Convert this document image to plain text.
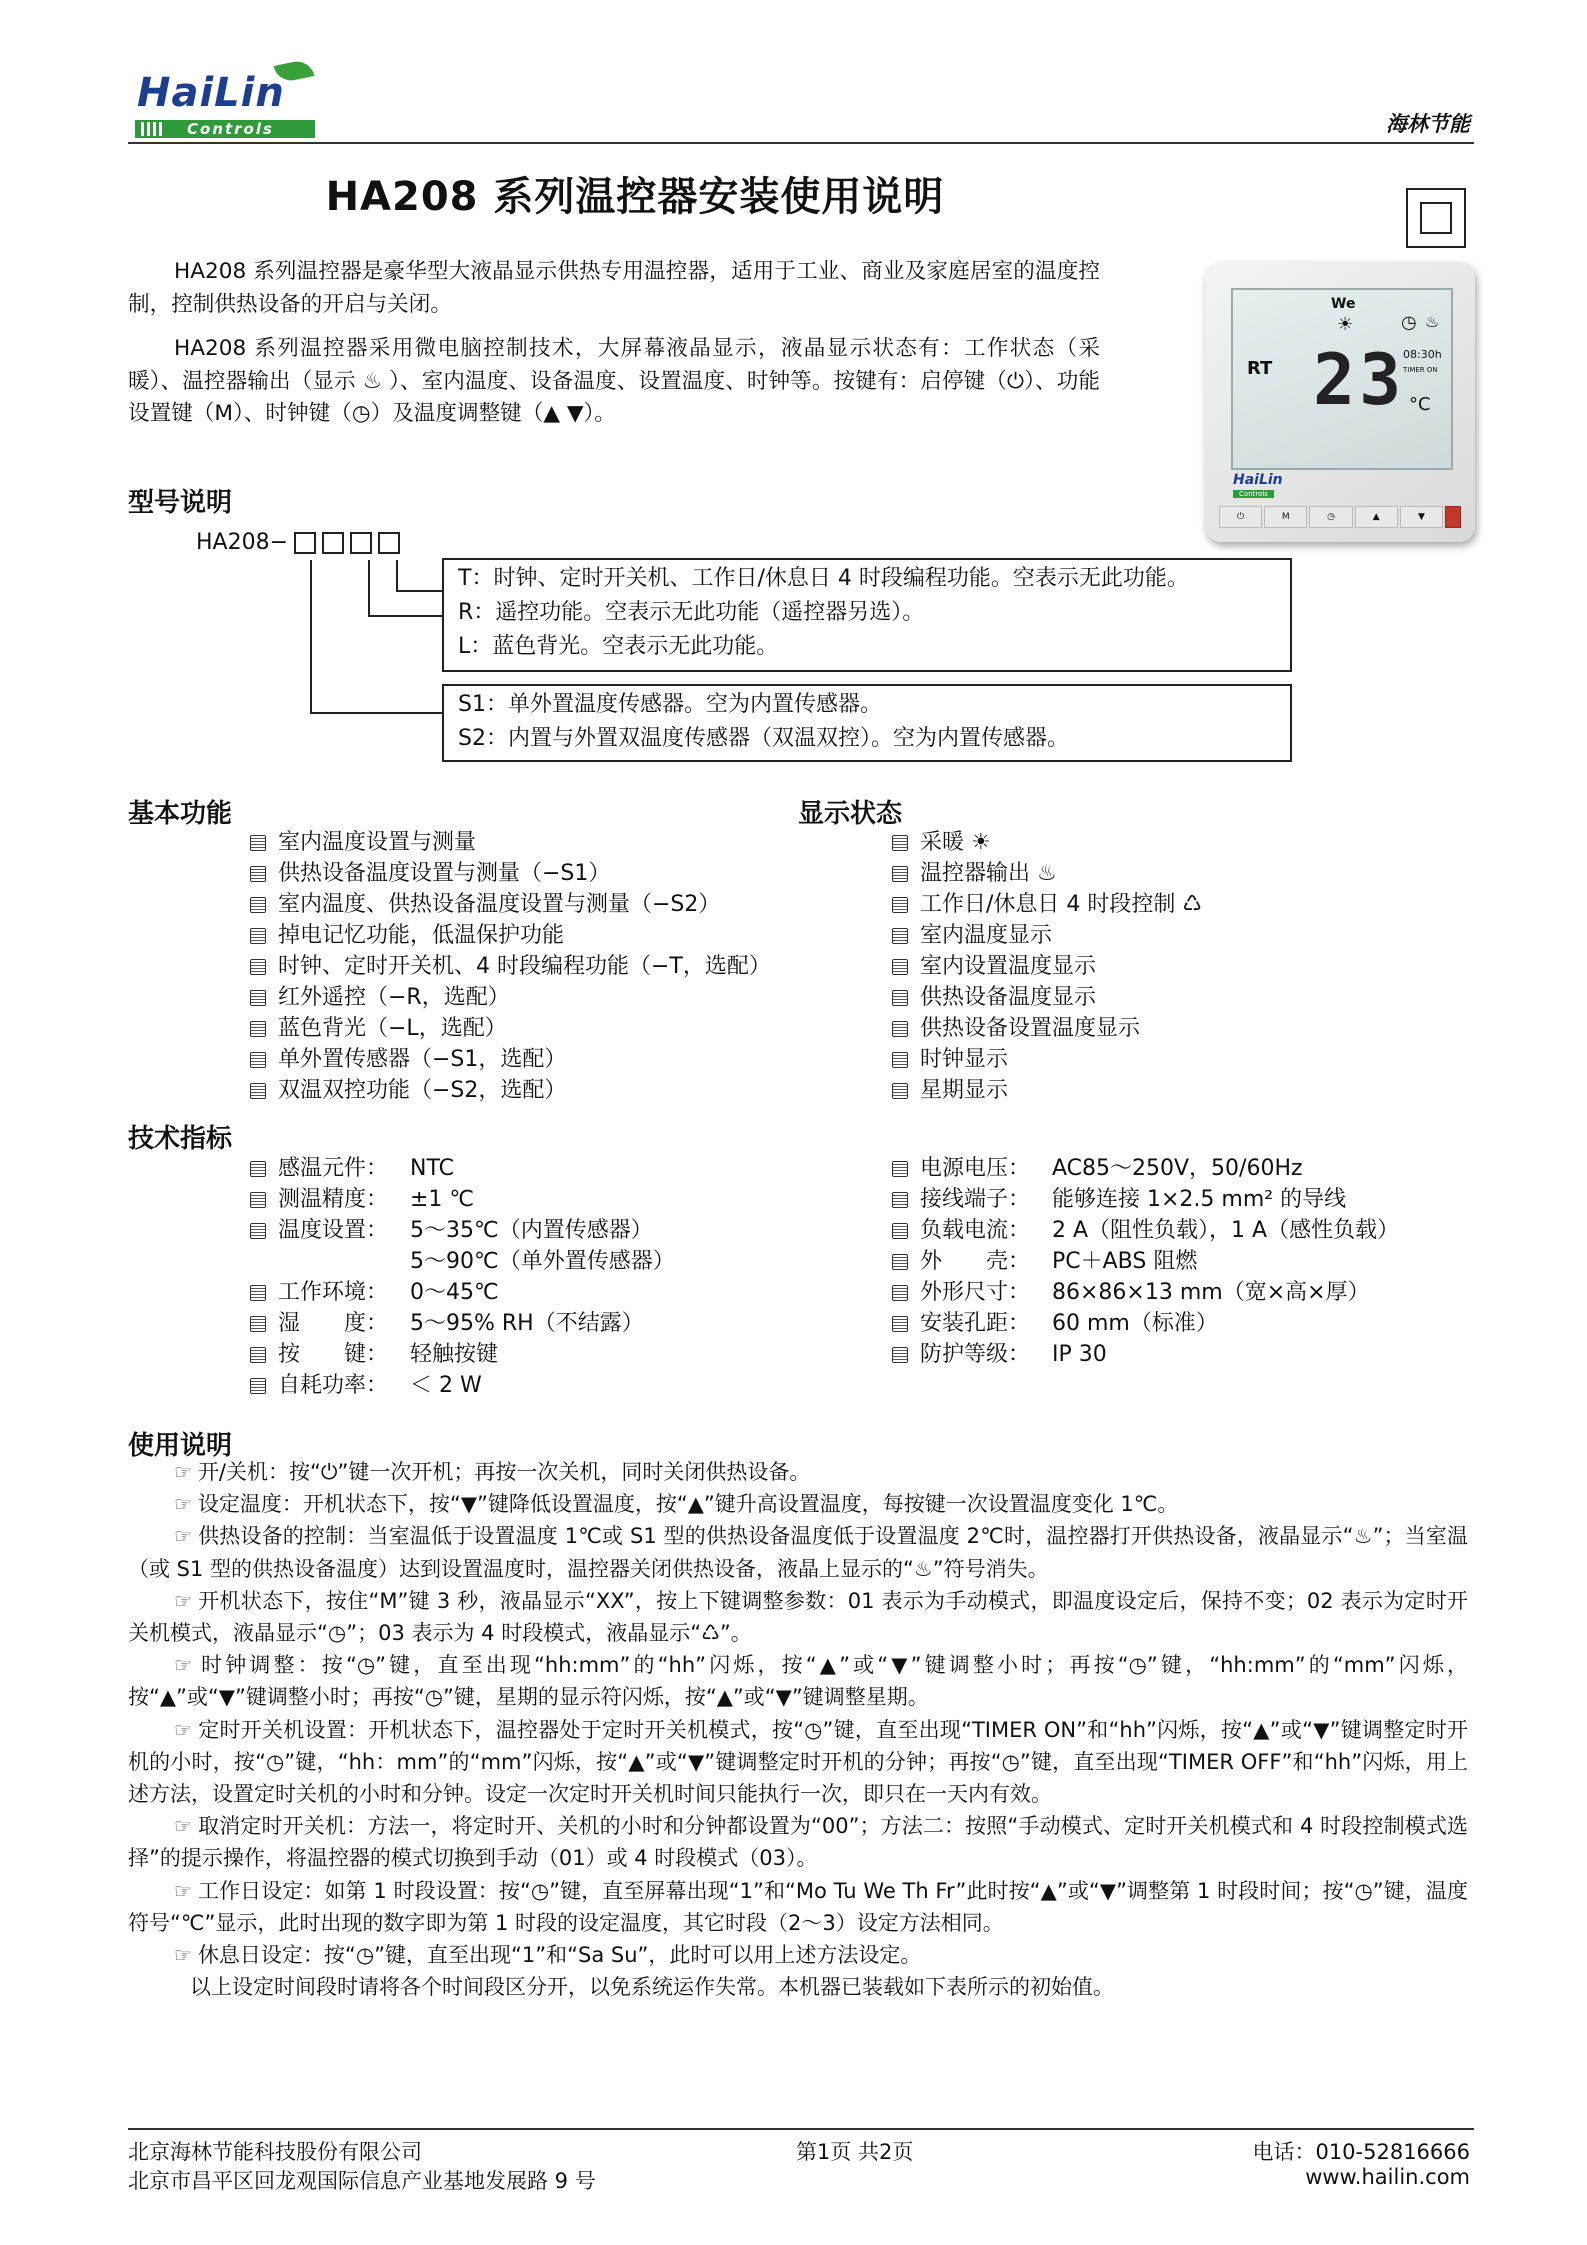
HaiLin
Controls	海林节能
HA208 系列温控器安装使用说明
HA208 系列温控器是豪华型大液晶显示供热专用温控器，适用于工业、商业及家庭居室的温度控制，控制供热设备的开启与关闭。
HA208 系列温控器采用微电脑控制技术，大屏幕液晶显示，液晶显示状态有：工作状态（采暖）、温控器输出（显示 ♨ ）、室内温度、设备温度、设置温度、时钟等。按键有：启停键（⏻）、功能设置键（M）、时钟键（◷）及温度调整键（▲ ▼）。
We
☀	◷ ♨
RT 23 °C
08:30h
TIMER ON
HaiLin
Controls
⏻	M	◷	▲	▼
型号说明
HA208−
T：时钟、定时开关机、工作日/休息日 4 时段编程功能。空表示无此功能。
R：遥控功能。空表示无此功能（遥控器另选）。
L：蓝色背光。空表示无此功能。
S1：单外置温度传感器。空为内置传感器。
S2：内置与外置双温度传感器（双温双控）。空为内置传感器。
基本功能
室内温度设置与测量
供热设备温度设置与测量（−S1）
室内温度、供热设备温度设置与测量（−S2）
掉电记忆功能，低温保护功能
时钟、定时开关机、4 时段编程功能（−T，选配）
红外遥控（−R，选配）
蓝色背光（−L，选配）
单外置传感器（−S1，选配）
双温双控功能（−S2，选配）
显示状态
采暖 ☀
温控器输出 ♨
工作日/休息日 4 时段控制 ♺
室内温度显示
室内设置温度显示
供热设备温度显示
供热设备设置温度显示
时钟显示
星期显示
技术指标
感温元件： NTC
测温精度： ±1 ℃
温度设置： 5～35℃（内置传感器）
5～90℃（单外置传感器）
工作环境： 0～45℃
湿　　度： 5～95% RH（不结露）
按　　键： 轻触按键
自耗功率： ＜ 2 W
电源电压： AC85～250V，50/60Hz
接线端子： 能够连接 1×2.5 mm² 的导线
负载电流： 2 A（阻性负载），1 A（感性负载）
外　　壳： PC＋ABS 阻燃
外形尺寸： 86×86×13 mm（宽×高×厚）
安装孔距： 60 mm（标准）
防护等级： IP 30
使用说明
☞ 开/关机：按“⏻”键一次开机；再按一次关机，同时关闭供热设备。
☞ 设定温度：开机状态下，按“▼”键降低设置温度，按“▲”键升高设置温度，每按键一次设置温度变化 1℃。
☞ 供热设备的控制：当室温低于设置温度 1℃或 S1 型的供热设备温度低于设置温度 2℃时，温控器打开供热设备，液晶显示“♨”；当室温（或 S1 型的供热设备温度）达到设置温度时，温控器关闭供热设备，液晶上显示的“♨”符号消失。
☞ 开机状态下，按住“M”键 3 秒，液晶显示“XX”，按上下键调整参数：01 表示为手动模式，即温度设定后，保持不变；02 表示为定时开关机模式，液晶显示“◷”；03 表示为 4 时段模式，液晶显示“♺”。
☞ 时钟调整：按“◷”键，直至出现“hh:mm”的“hh”闪烁，按“▲”或“▼”键调整小时；再按“◷”键，“hh:mm”的“mm”闪烁，按“▲”或“▼”键调整小时；再按“◷”键，星期的显示符闪烁，按“▲”或“▼”键调整星期。
☞ 定时开关机设置：开机状态下，温控器处于定时开关机模式，按“◷”键，直至出现“TIMER ON”和“hh”闪烁，按“▲”或“▼”键调整定时开机的小时，按“◷”键，“hh：mm”的“mm”闪烁，按“▲”或“▼”键调整定时开机的分钟；再按“◷”键，直至出现“TIMER OFF”和“hh”闪烁，用上述方法，设置定时关机的小时和分钟。设定一次定时开关机时间只能执行一次，即只在一天内有效。
☞ 取消定时开关机：方法一，将定时开、关机的小时和分钟都设置为“00”；方法二：按照“手动模式、定时开关机模式和 4 时段控制模式选择”的提示操作，将温控器的模式切换到手动（01）或 4 时段模式（03）。
☞ 工作日设定：如第 1 时段设置：按“◷”键，直至屏幕出现“1”和“Mo Tu We Th Fr”此时按“▲”或“▼”调整第 1 时段时间；按“◷”键，温度符号“℃”显示，此时出现的数字即为第 1 时段的设定温度，其它时段（2～3）设定方法相同。
☞ 休息日设定：按“◷”键，直至出现“1”和“Sa Su”，此时可以用上述方法设定。
以上设定时间段时请将各个时间段区分开，以免系统运作失常。本机器已装载如下表所示的初始值。
北京海林节能科技股份有限公司
北京市昌平区回龙观国际信息产业基地发展路 9 号
第1页 共2页	电话：010-52816666
www.hailin.com
